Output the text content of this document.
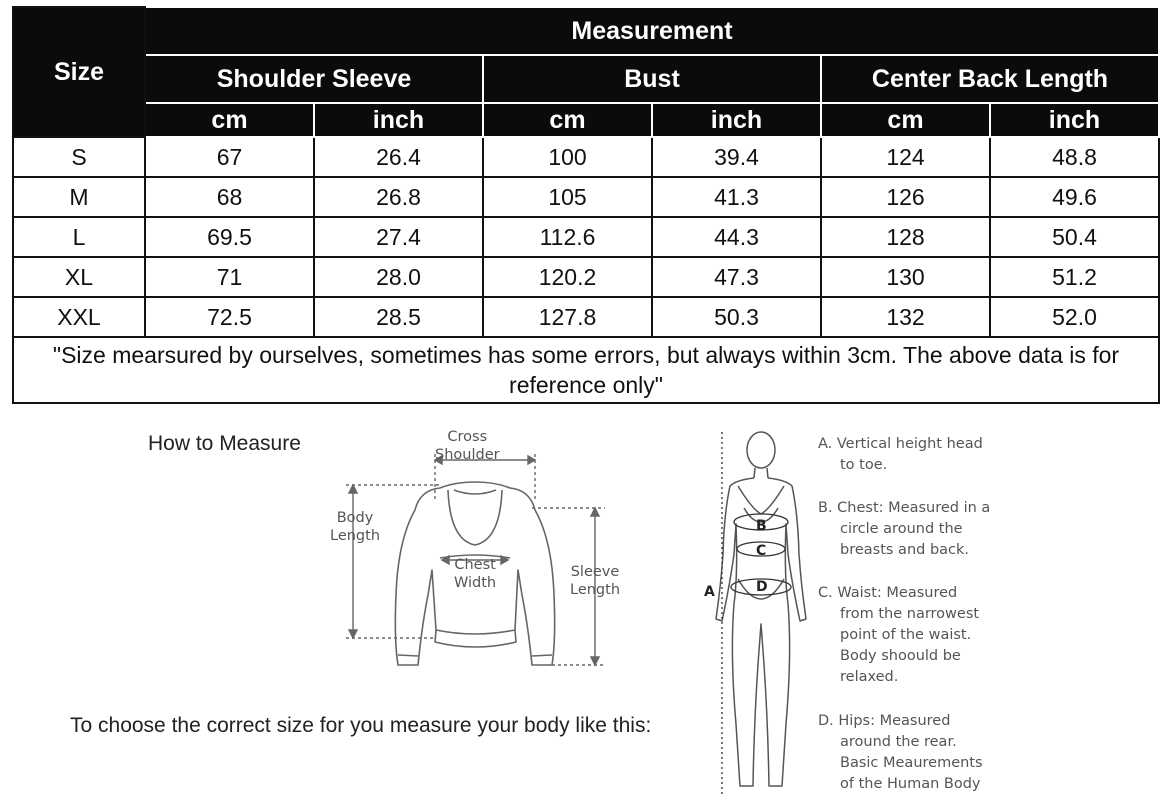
Size	Measurement					
	Shoulder Sleeve		Bust		Center Back Length	
	cm	inch	cm	inch	cm	inch
S	67	26.4	100	39.4	124	48.8
M	68	26.8	105	41.3	126	49.6
L	69.5	27.4	112.6	44.3	128	50.4
XL	71	28.0	120.2	47.3	130	51.2
XXL	72.5	28.5	127.8	50.3	132	52.0
"Size mearsured by ourselves, sometimes has some errors, but always within 3cm. The above data is for reference only"						
How to Measure
To choose the correct size for you measure your body like this:
Cross
Shoulder
Body
Length
Chest
Width
Sleeve
Length
B
C
D
A
A. Vertical height head
to toe.
B. Chest: Measured in a
circle around the
breasts and back.
C. Waist: Measured
from the narrowest
point of the waist.
Body shoould be
relaxed.
D. Hips: Measured
around the rear.
Basic Meaurements
of the Human Body
